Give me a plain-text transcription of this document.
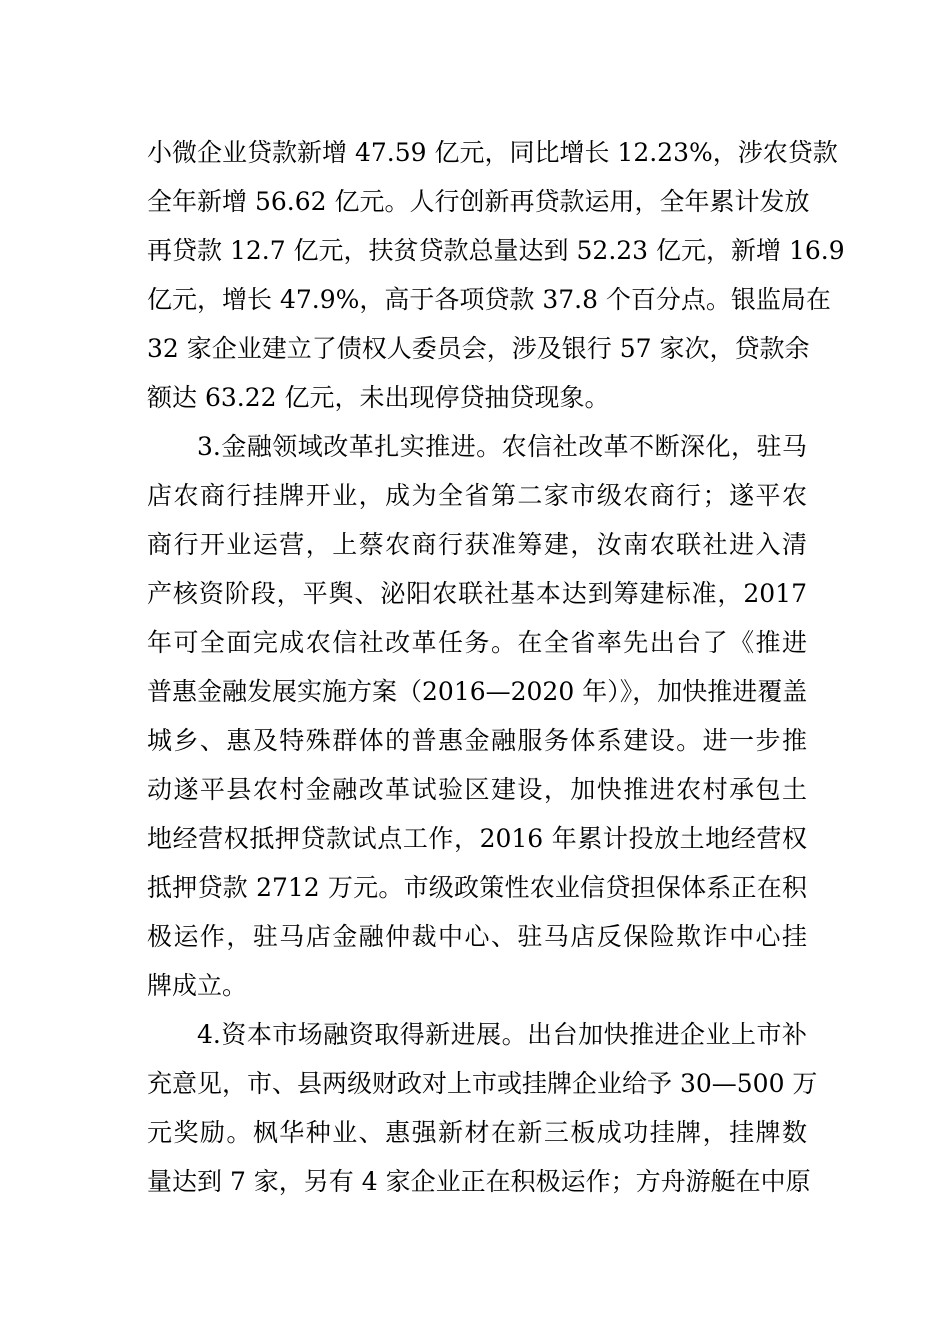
小微企业贷款新增 47.59 亿元，同比增长 12.23%，涉农贷款
全年新增 56.62 亿元。人行创新再贷款运用，全年累计发放
再贷款 12.7 亿元，扶贫贷款总量达到 52.23 亿元，新增 16.9
亿元，增长 47.9%，高于各项贷款 37.8 个百分点。银监局在
32 家企业建立了债权人委员会，涉及银行 57 家次，贷款余
额达 63.22 亿元，未出现停贷抽贷现象。
3.金融领域改革扎实推进。农信社改革不断深化，驻马
店农商行挂牌开业，成为全省第二家市级农商行；遂平农
商行开业运营，上蔡农商行获准筹建，汝南农联社进入清
产核资阶段，平舆、泌阳农联社基本达到筹建标准，2017
年可全面完成农信社改革任务。在全省率先出台了《推进
普惠金融发展实施方案（2016—2020 年）》，加快推进覆盖
城乡、惠及特殊群体的普惠金融服务体系建设。进一步推
动遂平县农村金融改革试验区建设，加快推进农村承包土
地经营权抵押贷款试点工作，2016 年累计投放土地经营权
抵押贷款 2712 万元。市级政策性农业信贷担保体系正在积
极运作，驻马店金融仲裁中心、驻马店反保险欺诈中心挂
牌成立。
4.资本市场融资取得新进展。出台加快推进企业上市补
充意见，市、县两级财政对上市或挂牌企业给予 30—500 万
元奖励。枫华种业、惠强新材在新三板成功挂牌，挂牌数
量达到 7 家，另有 4 家企业正在积极运作；方舟游艇在中原
